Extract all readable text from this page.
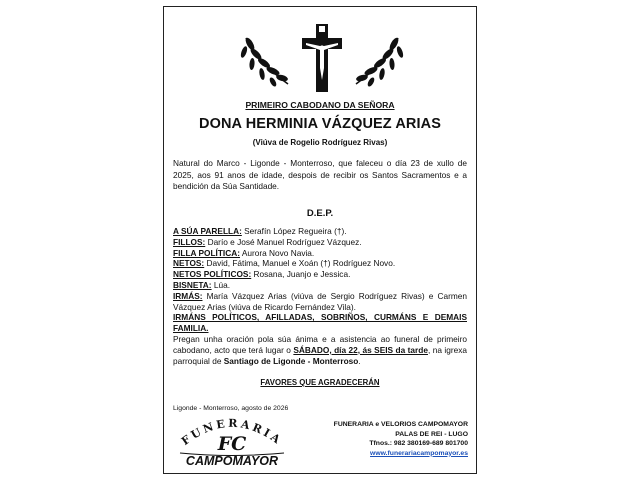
PRIMEIRO CABODANO DA SEÑORA
DONA HERMINIA VÁZQUEZ ARIAS
(Viúva de Rogelio Rodríguez Rivas)
Natural do Marco - Ligonde - Monterroso, que faleceu o día 23 de xullo de 2025, aos 91 anos de idade, despois de recibir os Santos Sacramentos e a bendición da Súa Santidade.
D.E.P.
A SÚA PARELLA: Serafín López Regueira (†).
FILLOS: Darío e José Manuel Rodríguez Vázquez.
FILLA POLÍTICA: Aurora Novo Navia.
NETOS: David, Fátima, Manuel e Xoán (†) Rodríguez Novo.
NETOS POLÍTICOS: Rosana, Juanjo e Jessica.
BISNETA: Lúa.
IRMÁS: María Vázquez Arias (viúva de Sergio Rodríguez Rivas) e Carmen Vázquez Arias (viúva de Ricardo Fernández Vila).
IRMÁNS POLÍTICOS, AFILLADAS, SOBRIÑOS, CURMÁNS E DEMAIS FAMILIA.
Pregan unha oración pola súa ánima e a asistencia ao funeral de primeiro cabodano, acto que terá lugar o SÁBADO, día 22, ás SEIS da tarde, na igrexa parroquial de Santiago de Ligonde - Monterroso.
FAVORES QUE AGRADECERÁN
Ligonde - Monterroso, agosto de 2026
FUNERARIA
FC
CAMPOMAYOR
FUNERARIA e VELORIOS CAMPOMAYOR
PALAS DE REI - LUGO
Tfnos.: 982 380169-689 801700
www.funerariacampomayor.es
